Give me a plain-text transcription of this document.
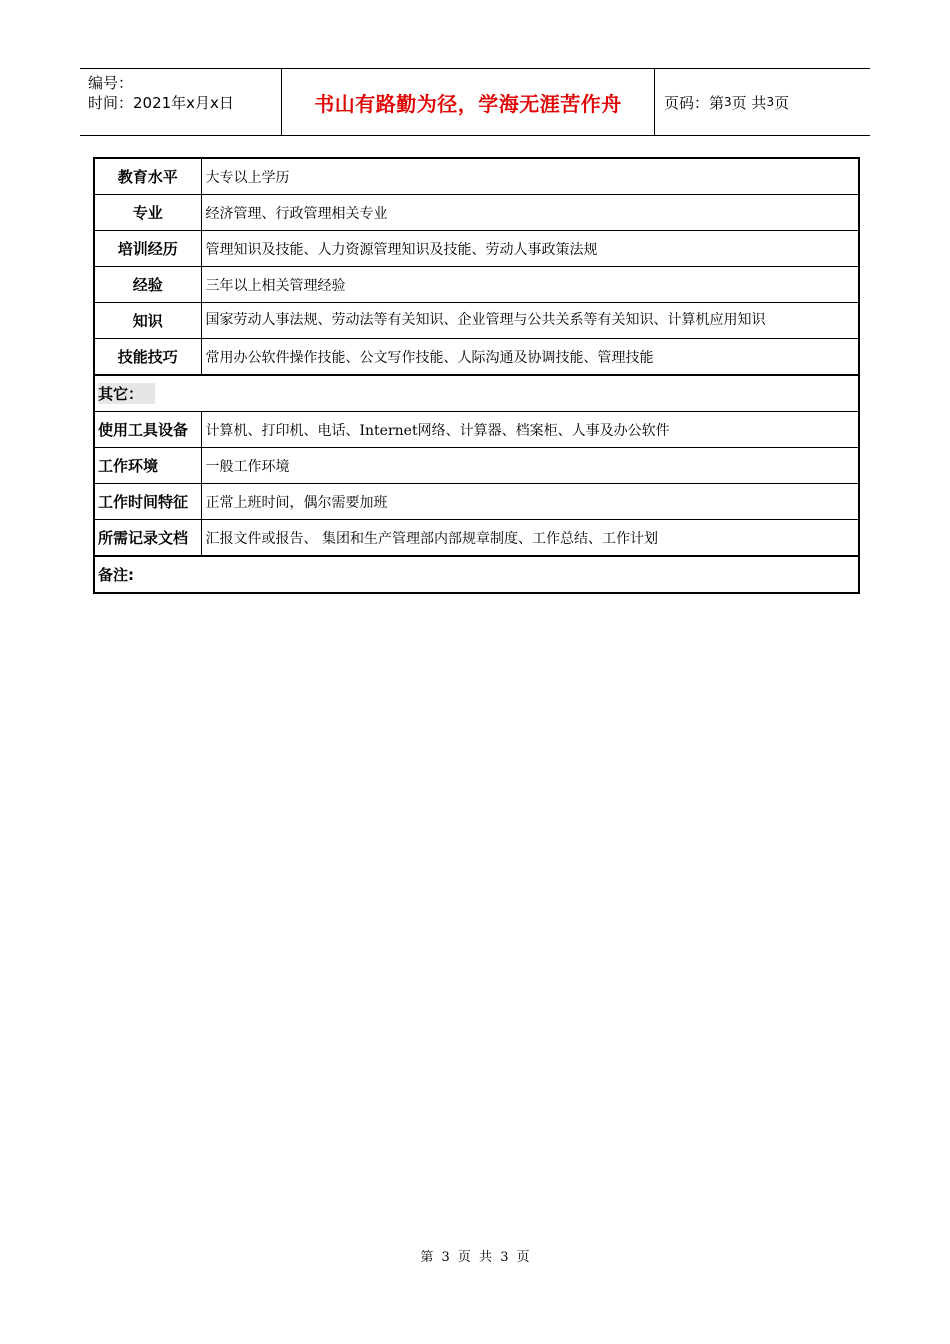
编号：
时间：2021年x月x日	书山有路勤为径，学海无涯苦作舟	页码：第 3 页 共 3 页
教育水平	大专以上学历
专业	经济管理、行政管理相关专业
培训经历	管理知识及技能、人力资源管理知识及技能、劳动人事政策法规
经验	三年以上相关管理经验
知识	国家劳动人事法规、劳动法等有关知识、企业管理与公共关系等有关知识、计算机应用知识
技能技巧	常用办公软件操作技能、公文写作技能、人际沟通及协调技能、管理技能
其它：	
使用工具设备	计算机、打印机、电话、Internet网络、计算器、档案柜、人事及办公软件
工作环境	一般工作环境
工作时间特征	正常上班时间，偶尔需要加班
所需记录文档	汇报文件或报告、 集团和生产管理部内部规章制度、工作总结、工作计划
备注:	
第 3 页 共 3 页
